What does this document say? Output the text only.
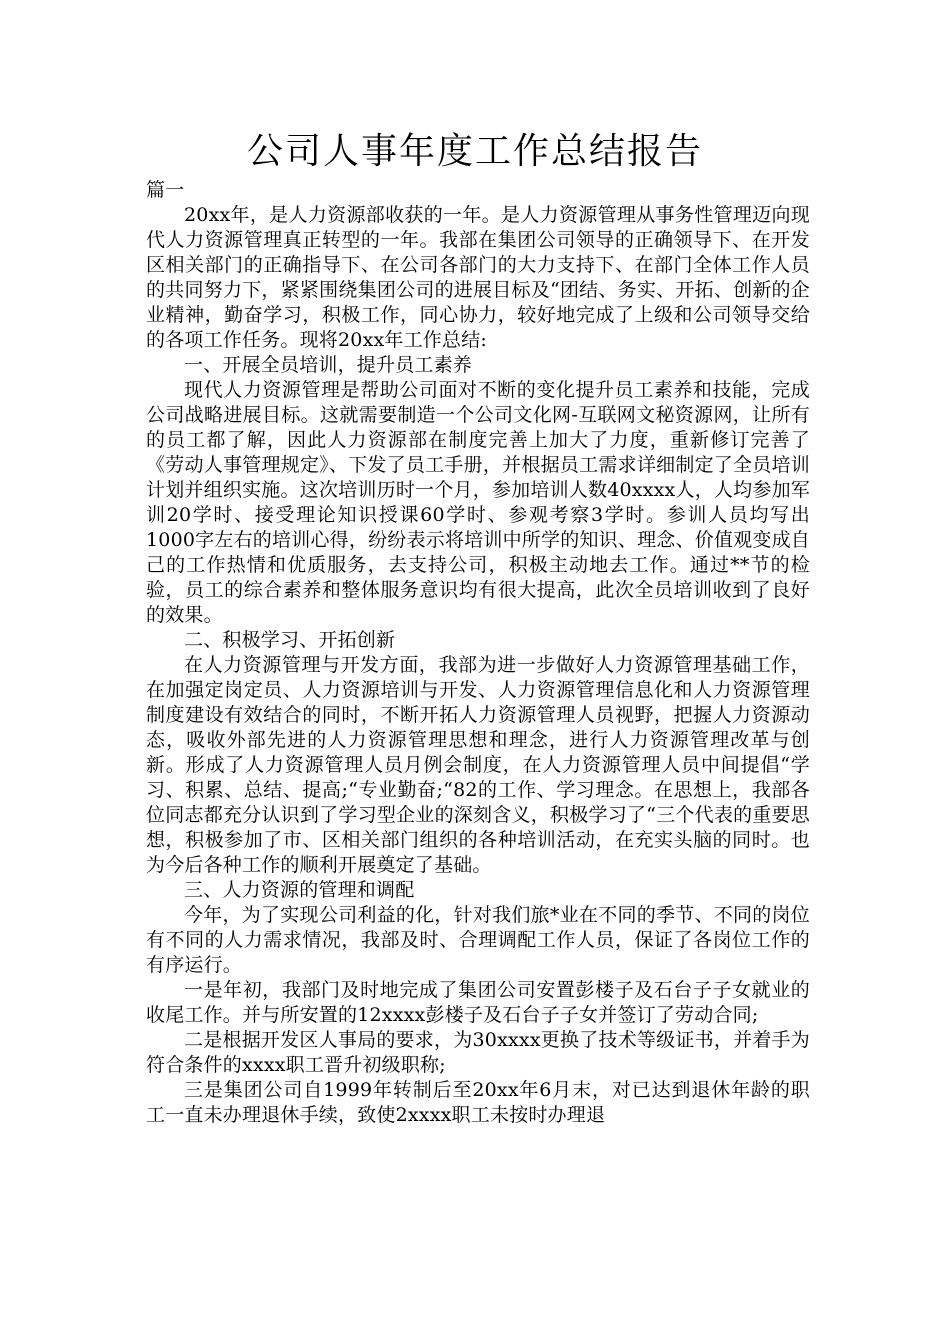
公司人事年度工作总结报告

篇一

20xx年，是人力资源部收获的一年。是人力资源管理从事务性管理迈向现代人力资源管理真正转型的一年。我部在集团公司领导的正确领导下、在开发区相关部门的正确指导下、在公司各部门的大力支持下、在部门全体工作人员的共同努力下，紧紧围绕集团公司的进展目标及“团结、务实、开拓、创新的企业精神，勤奋学习，积极工作，同心协力，较好地完成了上级和公司领导交给的各项工作任务。现将20xx年工作总结:

一、开展全员培训，提升员工素养

现代人力资源管理是帮助公司面对不断的变化提升员工素养和技能，完成公司战略进展目标。这就需要制造一个公司文化网-互联网文秘资源网，让所有的员工都了解，因此人力资源部在制度完善上加大了力度，重新修订完善了《劳动人事管理规定》、下发了员工手册，并根据员工需求详细制定了全员培训计划并组织实施。这次培训历时一个月，参加培训人数40xxxx人，人均参加军训20学时、接受理论知识授课60学时、参观考察3学时。参训人员均写出1000字左右的培训心得，纷纷表示将培训中所学的知识、理念、价值观变成自己的工作热情和优质服务，去支持公司，积极主动地去工作。通过**节的检验，员工的综合素养和整体服务意识均有很大提高，此次全员培训收到了良好的效果。

二、积极学习、开拓创新

在人力资源管理与开发方面，我部为进一步做好人力资源管理基础工作，在加强定岗定员、人力资源培训与开发、人力资源管理信息化和人力资源管理制度建设有效结合的同时，不断开拓人力资源管理人员视野，把握人力资源动态，吸收外部先进的人力资源管理思想和理念，进行人力资源管理改革与创新。形成了人力资源管理人员月例会制度，在人力资源管理人员中间提倡“学习、积累、总结、提高;“专业勤奋;“82的工作、学习理念。在思想上，我部各位同志都充分认识到了学习型企业的深刻含义，积极学习了“三个代表的重要思想，积极参加了市、区相关部门组织的各种培训活动，在充实头脑的同时。也为今后各种工作的顺利开展奠定了基础。

三、人力资源的管理和调配

今年，为了实现公司利益的化，针对我们旅*业在不同的季节、不同的岗位有不同的人力需求情况，我部及时、合理调配工作人员，保证了各岗位工作的有序运行。

一是年初，我部门及时地完成了集团公司安置彭楼子及石台子子女就业的收尾工作。并与所安置的12xxxx彭楼子及石台子子女并签订了劳动合同;

二是根据开发区人事局的要求，为30xxxx更换了技术等级证书，并着手为符合条件的xxxx职工晋升初级职称;

三是集团公司自1999年转制后至20xx年6月末，对已达到退休年龄的职工一直未办理退休手续，致使2xxxx职工未按时办理退
